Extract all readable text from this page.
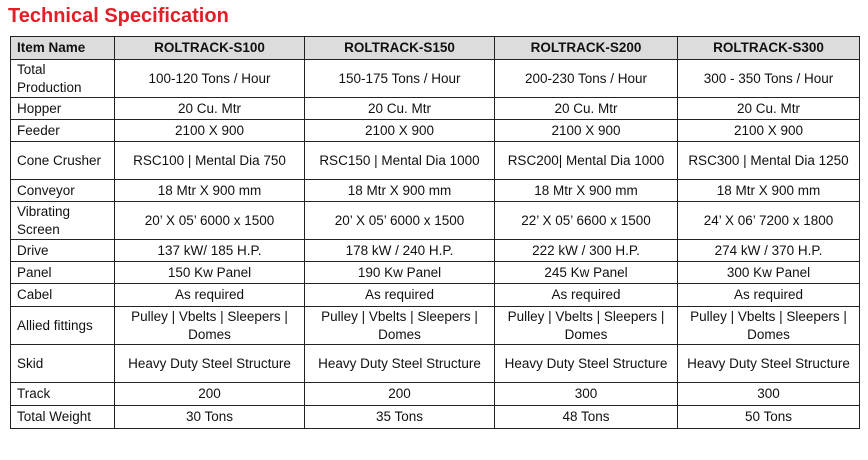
Technical Specification
Item Name	ROLTRACK-S100	ROLTRACK-S150	ROLTRACK-S200	ROLTRACK-S300
Total Production	100-120 Tons / Hour	150-175 Tons / Hour	200-230 Tons / Hour	300 - 350 Tons / Hour
Hopper	20 Cu. Mtr	20 Cu. Mtr	20 Cu. Mtr	20 Cu. Mtr
Feeder	2100 X 900	2100 X 900	2100 X 900	2100 X 900
Cone Crusher	RSC100 | Mental Dia 750	RSC150 | Mental Dia 1000	RSC200| Mental Dia 1000	RSC300 | Mental Dia 1250
Conveyor	18 Mtr X 900 mm	18 Mtr X 900 mm	18 Mtr X 900 mm	18 Mtr X 900 mm
Vibrating Screen	20’ X 05’ 6000 x 1500	20’ X 05’ 6000 x 1500	22’ X 05’ 6600 x 1500	24’ X 06’ 7200 x 1800
Drive	137 kW/ 185 H.P.	178 kW / 240 H.P.	222 kW / 300 H.P.	274 kW / 370 H.P.
Panel	150 Kw Panel	190 Kw Panel	245 Kw Panel	300 Kw Panel
Cabel	As required	As required	As required	As required
Allied fittings	Pulley | Vbelts | Sleepers | Domes	Pulley | Vbelts | Sleepers | Domes	Pulley | Vbelts | Sleepers | Domes	Pulley | Vbelts | Sleepers | Domes
Skid	Heavy Duty Steel Structure	Heavy Duty Steel Structure	Heavy Duty Steel Structure	Heavy Duty Steel Structure
Track	200	200	300	300
Total Weight	30 Tons	35 Tons	48 Tons	50 Tons
